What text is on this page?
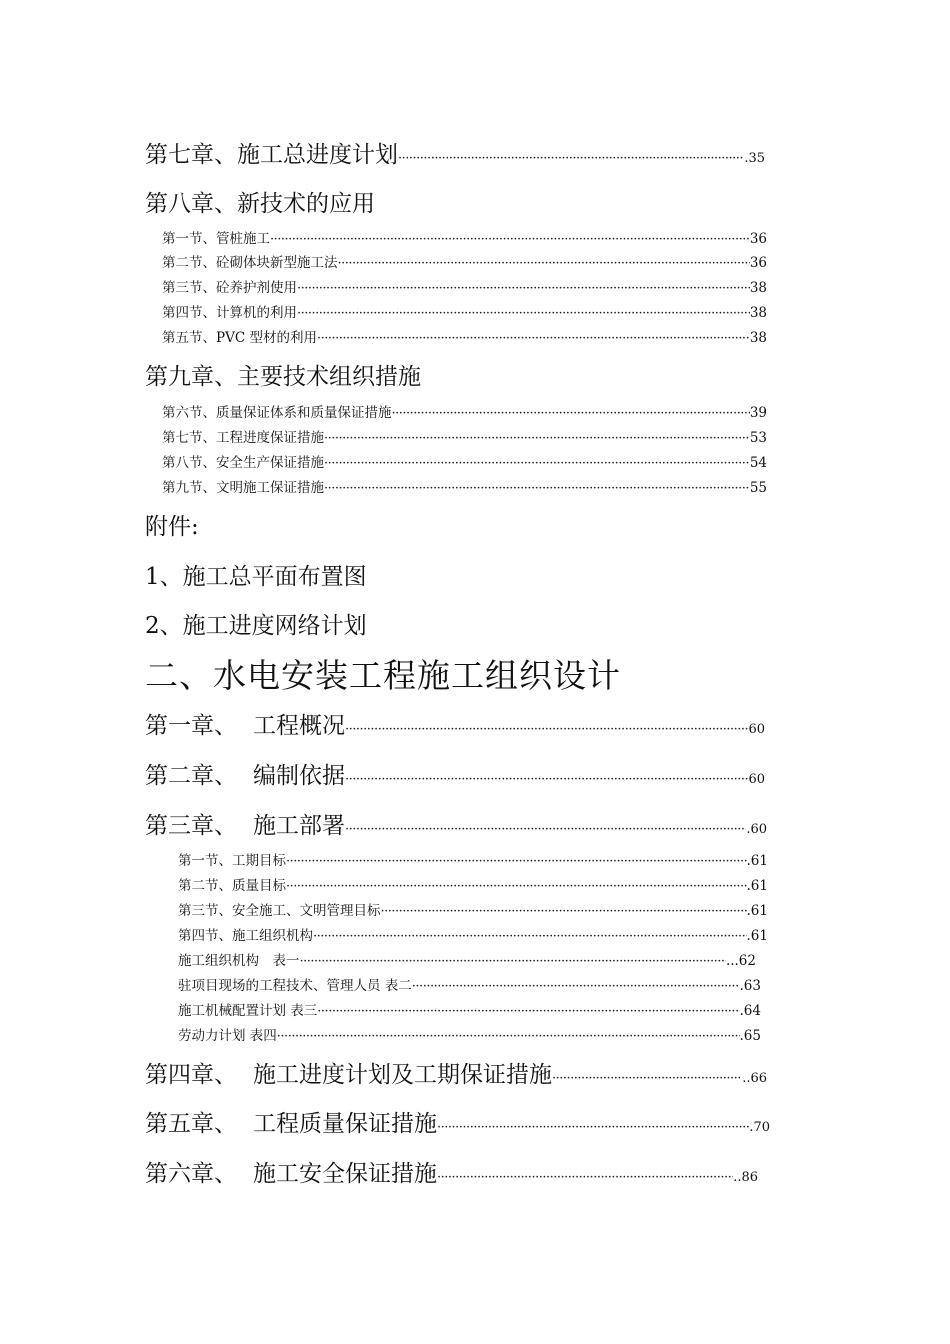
第七章、施工总进度计划 ·····	.35
第八章、新技术的应用
第一节、管桩施工 ·····	36
第二节、砼砌体块新型施工法 ·····	36
第三节、砼养护剂使用 ·····	38
第四节、计算机的利用 ·····	38
第五节、PVC 型材的利用 ·····	38
第九章、主要技术组织措施
第六节、质量保证体系和质量保证措施 ·····	39
第七节、工程进度保证措施 ·····	53
第八节、安全生产保证措施 ·····	54
第九节、文明施工保证措施 ·····	55
附件:
1、施工总平面布置图
2、施工进度网络计划
二、水电安装工程施工组织设计
第一章、 工程概况 ·····	60
第二章、 编制依据 ·····	60
第三章、 施工部署 ·····	.60
第一节、工期目标 ·····	.61
第二节、质量目标 ·····	.61
第三节、安全施工、文明管理目标 ·····	.61
第四节、施工组织机构 ·····	.61
施工组织机构　表一 ·····	...62
驻项目现场的工程技术、管理人员 表二 ·····	.63
施工机械配置计划 表三 ·····	.64
劳动力计划 表四 ·····	.65
第四章、 施工进度计划及工期保证措施 ·····	..66
第五章、 工程质量保证措施 ·····	.70
第六章、 施工安全保证措施 ·····	..86
